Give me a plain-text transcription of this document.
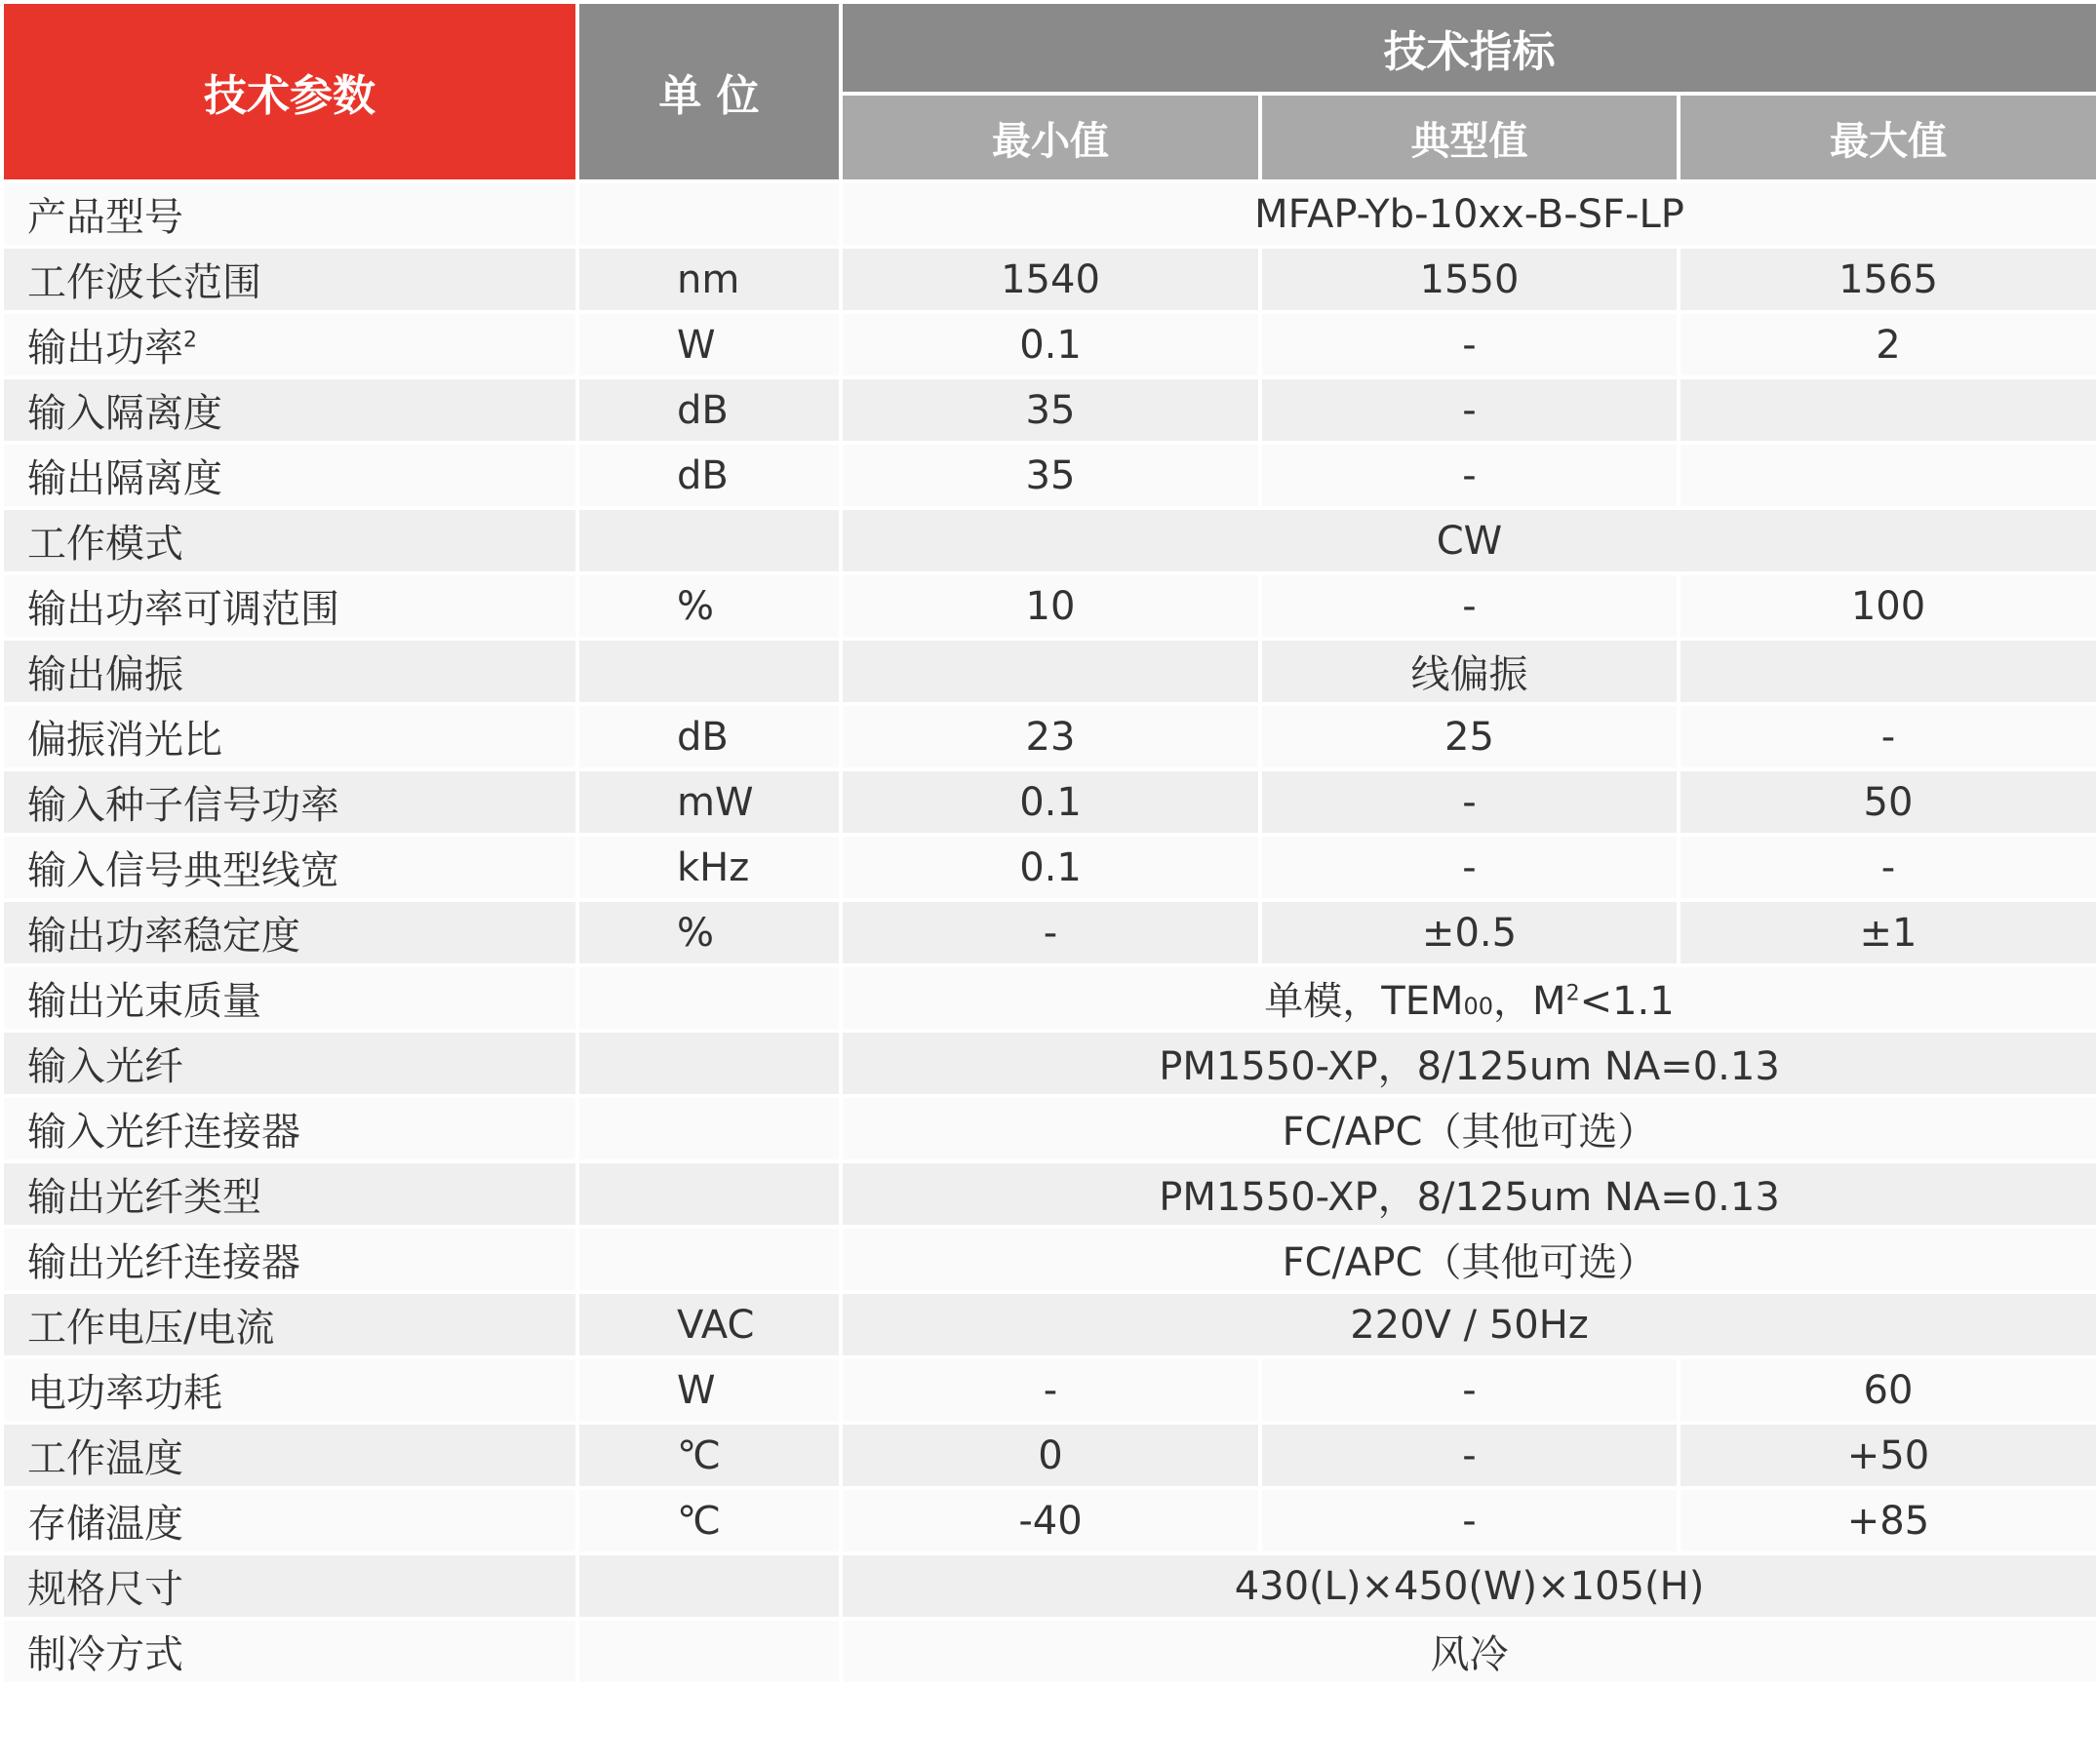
技术参数	单 位	技术指标		
		最小值	典型值	最大值
产品型号		MFAP-Yb-10xx-B-SF-LP		
工作波长范围	nm	1540	1550	1565
输出功率$^2$	W	0.1	-	2
输入隔离度	dB	35	-	
输出隔离度	dB	35	-	
工作模式		CW		
输出功率可调范围	%	10	-	100
输出偏振			线偏振	
偏振消光比	dB	23	25	-
输入种子信号功率	mW	0.1	-	50
输入信号典型线宽	kHz	0.1	-	-
输出功率稳定度	%	-	±0.5	±1
输出光束质量		单模，TEM00，$M^2<1.1$		
输入光纤		PM1550-XP，8/125um NA=0.13		
输入光纤连接器		FC/APC（其他可选）		
输出光纤类型		PM1550-XP，8/125um NA=0.13		
输出光纤连接器		FC/APC（其他可选）		
工作电压/电流	VAC	220V / 50Hz		
电功率功耗	W	-	-	60
工作温度	℃	0	-	+50
存储温度	℃	-40	-	+85
规格尺寸		430(L)×450(W)×105(H)		
制冷方式		风冷		
